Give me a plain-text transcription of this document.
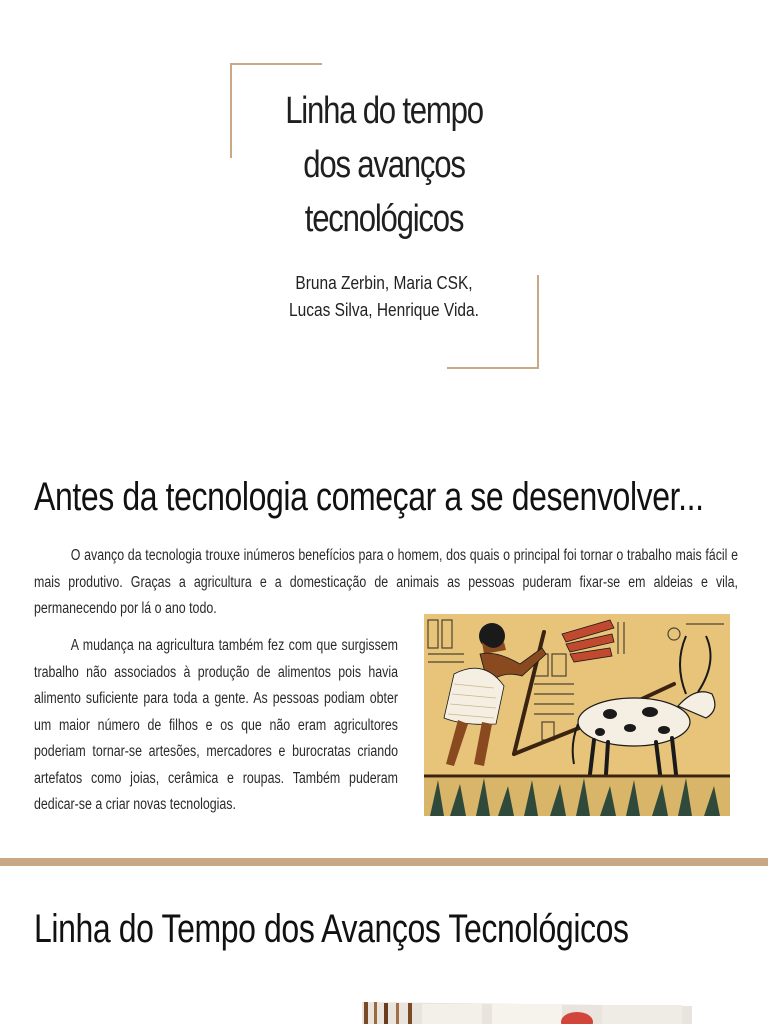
Linha do tempo
dos avanços
tecnológicos
Bruna Zerbin, Maria CSK,
Lucas Silva, Henrique Vida.
Antes da tecnologia começar a se desenvolver...

O avanço da tecnologia trouxe inúmeros benefícios para o homem, dos quais o principal foi tornar o trabalho mais fácil e mais produtivo. Graças a agricultura e a domesticação de animais as pessoas puderam fixar-se em aldeias e vila, permanecendo por lá o ano todo.

A mudança na agricultura também fez com que surgissem trabalho não associados à produção de alimentos pois havia alimento suficiente para toda a gente. As pessoas podiam obter um maior número de filhos e os que não eram agricultores poderiam tornar-se artesões, mercadores e burocratas criando artefatos como joias, cerâmica e roupas. Também puderam dedicar-se a criar novas tecnologias.

Linha do Tempo dos Avanços Tecnológicos
